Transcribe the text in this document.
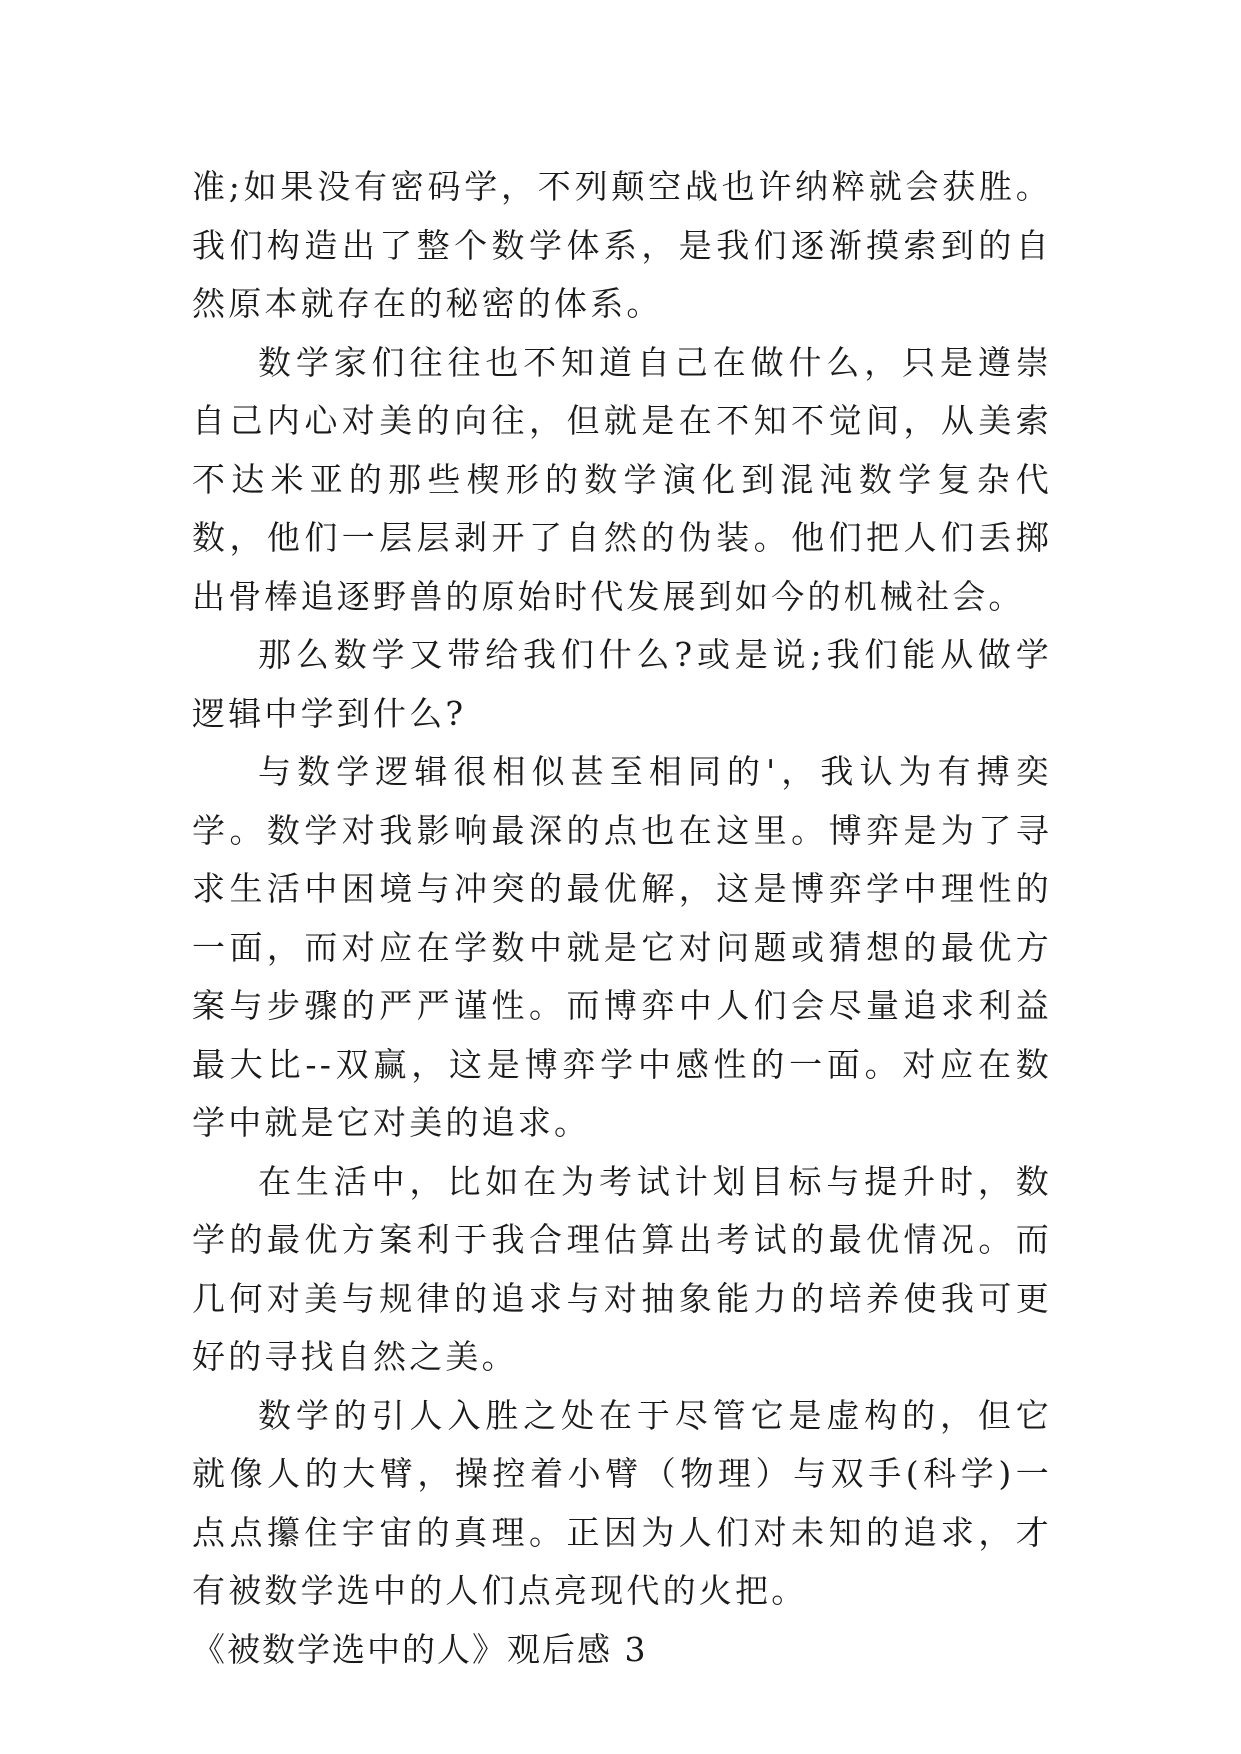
准;如果没有密码学，不列颠空战也许纳粹就会获胜。我们构造出了整个数学体系，是我们逐渐摸索到的自然原本就存在的秘密的体系。

数学家们往往也不知道自己在做什么，只是遵崇自己内心对美的向往，但就是在不知不觉间，从美索不达米亚的那些楔形的数学演化到混沌数学复杂代数，他们一层层剥开了自然的伪装。他们把人们丢掷出骨棒追逐野兽的原始时代发展到如今的机械社会。

那么数学又带给我们什么?或是说;我们能从做学逻辑中学到什么?

与数学逻辑很相似甚至相同的'，我认为有搏奕学。数学对我影响最深的点也在这里。博弈是为了寻求生活中困境与冲突的最优解，这是博弈学中理性的一面，而对应在学数中就是它对问题或猜想的最优方案与步骤的严严谨性。而博弈中人们会尽量追求利益最大比--双赢，这是博弈学中感性的一面。对应在数学中就是它对美的追求。

在生活中，比如在为考试计划目标与提升时，数学的最优方案利于我合理估算出考试的最优情况。而几何对美与规律的追求与对抽象能力的培养使我可更好的寻找自然之美。

数学的引人入胜之处在于尽管它是虚构的，但它就像人的大臂，操控着小臂（物理）与双手(科学)一点点攥住宇宙的真理。正因为人们对未知的追求，才有被数学选中的人们点亮现代的火把。

《被数学选中的人》观后感 3
